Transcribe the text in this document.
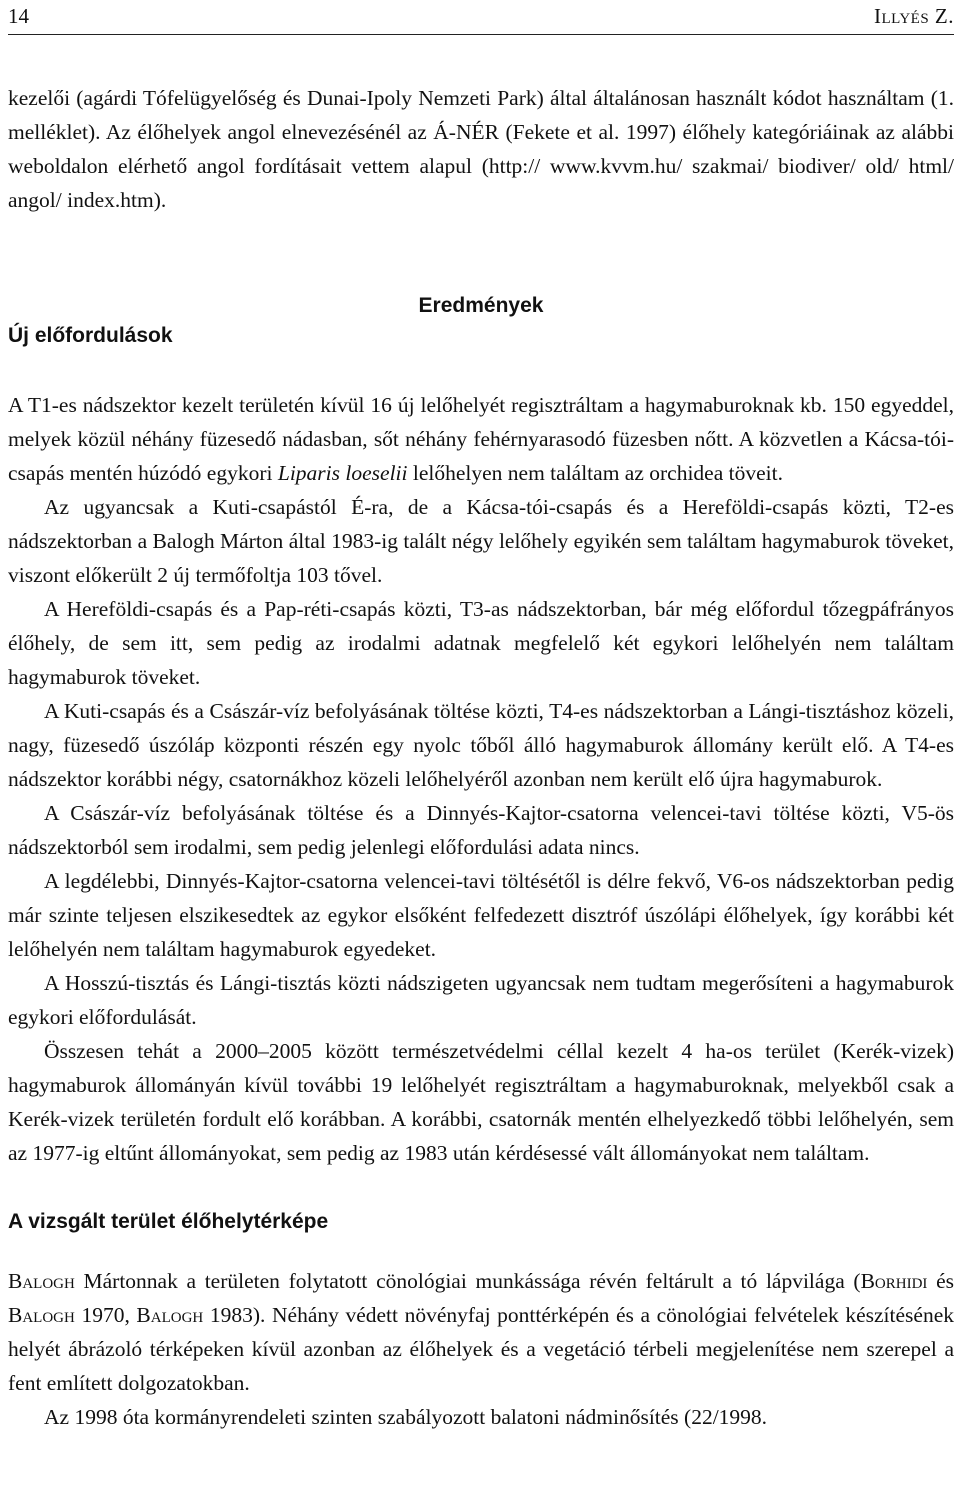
14	Illyés Z.

kezelői (agárdi Tófelügyelőség és Dunai-Ipoly Nemzeti Park) által általánosan használt kódot használtam (1. melléklet). Az élőhelyek angol elnevezésénél az Á-NÉR (Fekete et al. 1997) élőhely kategóriáinak az alábbi weboldalon elérhető angol fordításait vettem alapul (http:// www.kvvm.hu/ szakmai/ biodiver/ old/ html/ angol/ index.htm).

Eredmények
Új előfordulások

A T1-es nádszektor kezelt területén kívül 16 új lelőhelyét regisztráltam a hagymaburoknak kb. 150 egyeddel, melyek közül néhány füzesedő nádasban, sőt néhány fehérnyarasodó füzesben nőtt. A közvetlen a Kácsa-tói-csapás mentén húzódó egykori Liparis loeselii lelőhelyen nem találtam az orchidea töveit.

Az ugyancsak a Kuti-csapástól É-ra, de a Kácsa-tói-csapás és a Hereföldi-csapás közti, T2-es nádszektorban a Balogh Márton által 1983-ig talált négy lelőhely egyikén sem találtam hagymaburok töveket, viszont előkerült 2 új termőfoltja 103 tővel.

A Hereföldi-csapás és a Pap-réti-csapás közti, T3-as nádszektorban, bár még előfordul tőzegpáfrányos élőhely, de sem itt, sem pedig az irodalmi adatnak megfelelő két egykori lelőhelyén nem találtam hagymaburok töveket.

A Kuti-csapás és a Császár-víz befolyásának töltése közti, T4-es nádszektorban a Lángi-tisztáshoz közeli, nagy, füzesedő úszóláp központi részén egy nyolc tőből álló hagymaburok állomány került elő. A T4-es nádszektor korábbi négy, csatornákhoz közeli lelőhelyéről azonban nem került elő újra hagymaburok.

A Császár-víz befolyásának töltése és a Dinnyés-Kajtor-csatorna velencei-tavi töltése közti, V5-ös nádszektorból sem irodalmi, sem pedig jelenlegi előfordulási adata nincs.

A legdélebbi, Dinnyés-Kajtor-csatorna velencei-tavi töltésétől is délre fekvő, V6-os nádszektorban pedig már szinte teljesen elszikesedtek az egykor elsőként felfedezett disztróf úszólápi élőhelyek, így korábbi két lelőhelyén nem találtam hagymaburok egyedeket.

A Hosszú-tisztás és Lángi-tisztás közti nádszigeten ugyancsak nem tudtam megerősíteni a hagymaburok egykori előfordulását.

Összesen tehát a 2000–2005 között természetvédelmi céllal kezelt 4 ha-os terület (Kerék-vizek) hagymaburok állományán kívül további 19 lelőhelyét regisztráltam a hagymaburoknak, melyekből csak a Kerék-vizek területén fordult elő korábban. A korábbi, csatornák mentén elhelyezkedő többi lelőhelyén, sem az 1977-ig eltűnt állományokat, sem pedig az 1983 után kérdésessé vált állományokat nem találtam.

A vizsgált terület élőhelytérképe

Balogh Mártonnak a területen folytatott cönológiai munkássága révén feltárult a tó lápvilága (Borhidi és Balogh 1970, Balogh 1983). Néhány védett növényfaj ponttérképén és a cönológiai felvételek készítésének helyét ábrázoló térképeken kívül azonban az élőhelyek és a vegetáció térbeli megjelenítése nem szerepel a fent említett dolgozatokban.

Az 1998 óta kormányrendeleti szinten szabályozott balatoni nádminősítés (22/1998.
